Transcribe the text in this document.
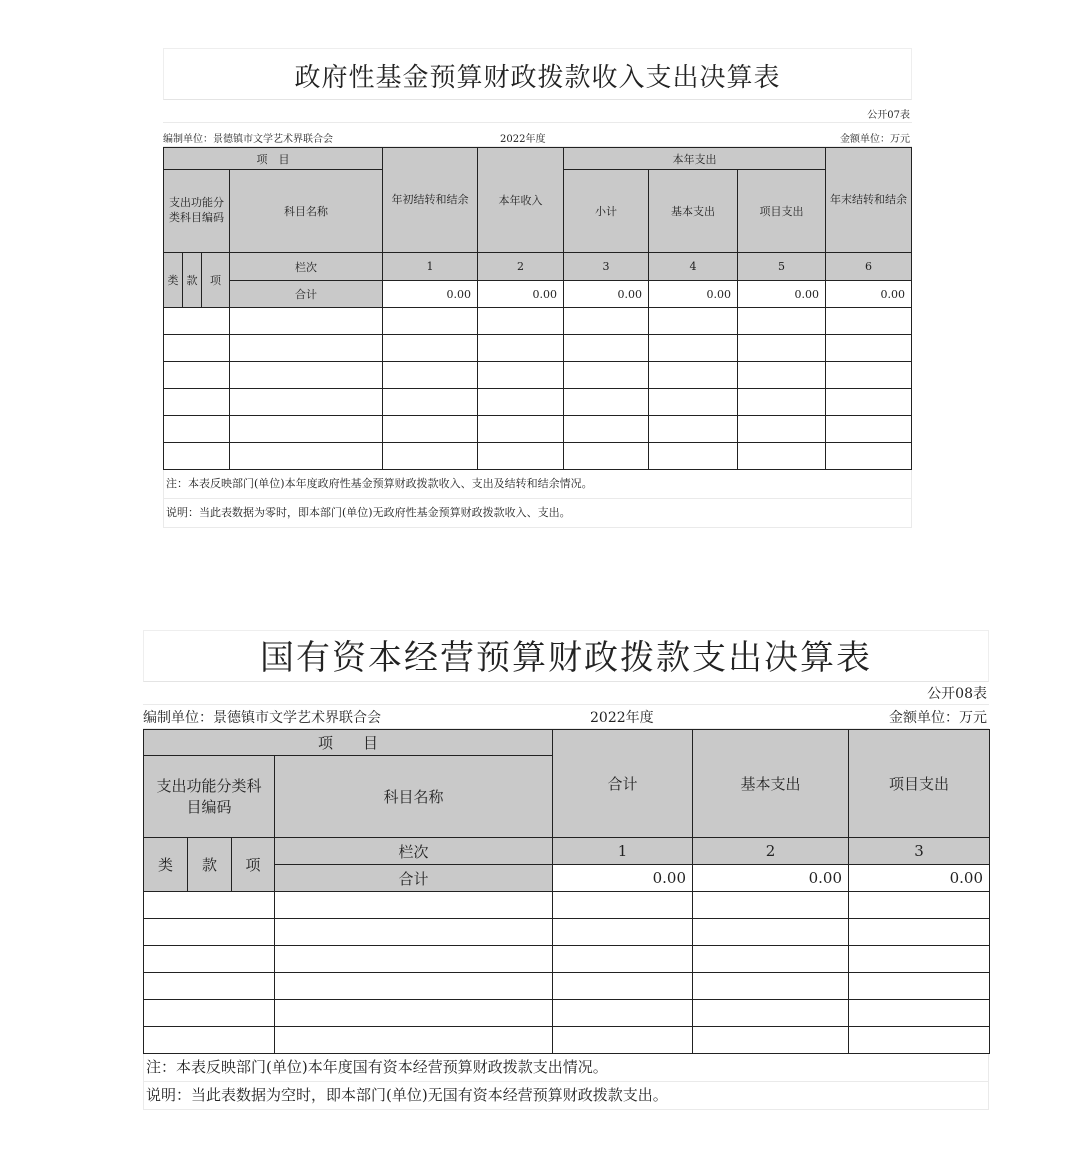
政府性基金预算财政拨款收入支出决算表
公开07表
编制单位：景德镇市文学艺术界联合会	2022年度	金额单位：万元
项　目				年初结转和结余	本年收入	本年支出			年末结转和结余
支出功能分类科目编码			科目名称			小计	基本支出	项目支出	
类	款	项	栏次	1	2	3	4	5	6
			合计	0.00	0.00	0.00	0.00	0.00	0.00

注：本表反映部门(单位)本年度政府性基金预算财政拨款收入、支出及结转和结余情况。
说明：当此表数据为零时，即本部门(单位)无政府性基金预算财政拨款收入、支出。
国有资本经营预算财政拨款支出决算表
公开08表
编制单位：景德镇市文学艺术界联合会	2022年度	金额单位：万元
项　　目				合计	基本支出	项目支出
支出功能分类科目编码			科目名称			
类	款	项	栏次	1	2	3
			合计	0.00	0.00	0.00

注：本表反映部门(单位)本年度国有资本经营预算财政拨款支出情况。
说明：当此表数据为空时，即本部门(单位)无国有资本经营预算财政拨款支出。
